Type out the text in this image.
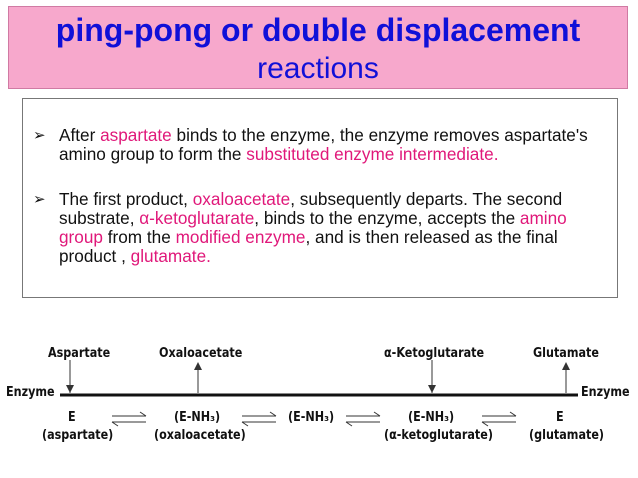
ping-pong or double displacement
reactions
➢ After aspartate binds to the enzyme, the enzyme removes aspartate's amino group to form the substituted enzyme intermediate.
➢ The first product, oxaloacetate, subsequently departs. The second substrate, α-ketoglutarate, binds to the enzyme, accepts the amino group from the modified enzyme, and is then released as the final product , glutamate.
Aspartate	Oxaloacetate	α-Ketoglutarate	Glutamate
Enzyme	Enzyme
E
(aspartate)
(E-NH₃)
(oxaloacetate)
(E-NH₃)	(E-NH₃)
(α-ketoglutarate)
E
(glutamate)
